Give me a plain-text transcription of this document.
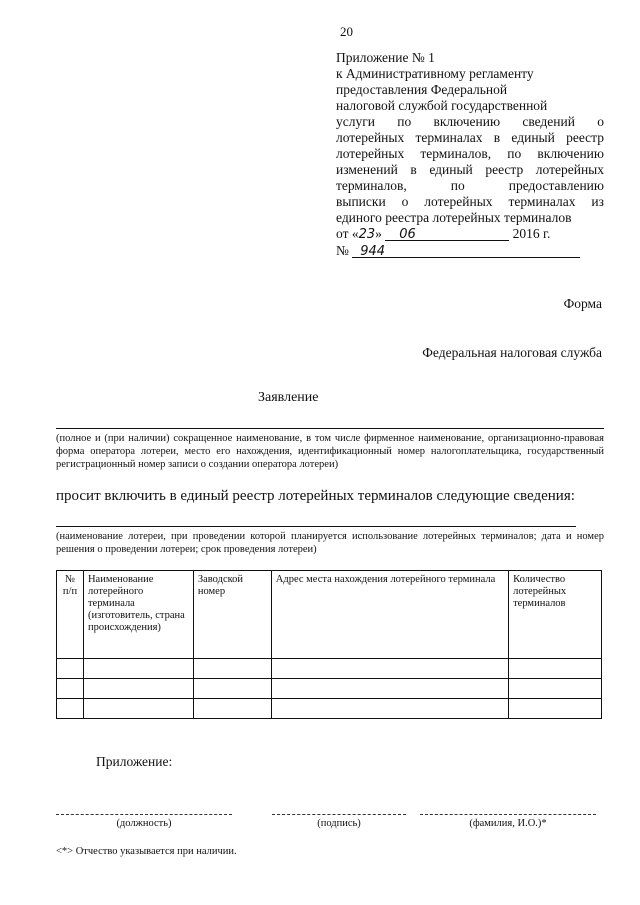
20
Приложение № 1
к Административному регламенту
предоставления Федеральной
налоговой службой государственной
услуги по включению сведений о
лотерейных терминалах в единый реестр
лотерейных терминалов, по включению
изменений в единый реестр лотерейных
терминалов, по предоставлению
выписки о лотерейных терминалах из
единого реестра лотерейных терминалов
от «23» 06	2016 г.
№ 944
Форма
Федеральная налоговая служба
Заявление
(полное и (при наличии) сокращенное наименование, в том числе фирменное наименование, организационно-правовая форма оператора лотереи, место его нахождения, идентификационный номер налогоплательщика, государственный регистрационный номер записи о создании оператора лотереи)
просит включить в единый реестр лотерейных терминалов следующие сведения:
(наименование лотереи, при проведении которой планируется использование лотерейных терминалов; дата и номер решения о проведении лотереи; срок проведения лотереи)
№ п/п	Наименование лотерейного терминала (изготовитель, страна происхождения)	Заводской номер	Адрес места нахождения лотерейного терминала	Количество лотерейных терминалов

Приложение:
(должность)	(подпись)	(фамилия, И.О.)*
<*> Отчество указывается при наличии.
